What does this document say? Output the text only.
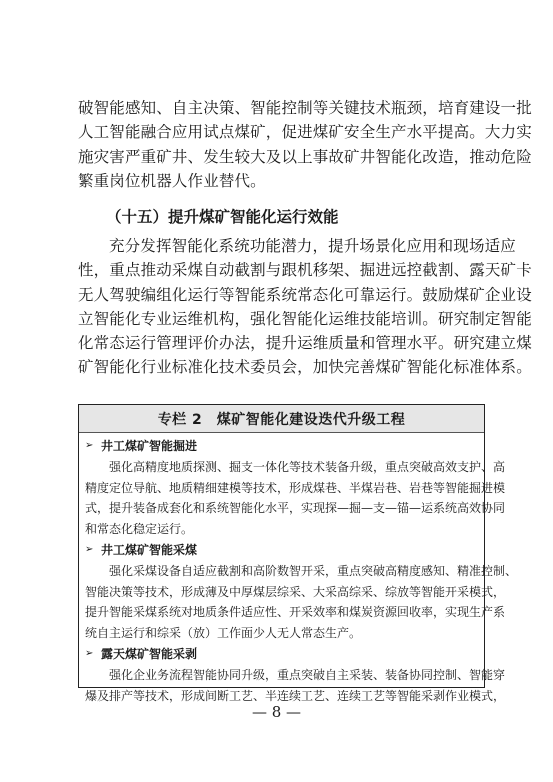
破智能感知、自主决策、智能控制等关键技术瓶颈，培育建设一批
人工智能融合应用试点煤矿，促进煤矿安全生产水平提高。大力实
施灾害严重矿井、发生较大及以上事故矿井智能化改造，推动危险
繁重岗位机器人作业替代。
（十五）提升煤矿智能化运行效能
充分发挥智能化系统功能潜力，提升场景化应用和现场适应
性，重点推动采煤自动截割与跟机移架、掘进远控截割、露天矿卡
无人驾驶编组化运行等智能系统常态化可靠运行。鼓励煤矿企业设
立智能化专业运维机构，强化智能化运维技能培训。研究制定智能
化常态运行管理评价办法，提升运维质量和管理水平。研究建立煤
矿智能化行业标准化技术委员会，加快完善煤矿智能化标准体系。
专栏 2　煤矿智能化建设迭代升级工程
➢ 井工煤矿智能掘进
强化高精度地质探测、掘支一体化等技术装备升级，重点突破高效支护、高
精度定位导航、地质精细建模等技术，形成煤巷、半煤岩巷、岩巷等智能掘进模
式，提升装备成套化和系统智能化水平，实现探—掘—支—锚—运系统高效协同
和常态化稳定运行。
➢ 井工煤矿智能采煤
强化采煤设备自适应截割和高阶数智开采，重点突破高精度感知、精准控制、
智能决策等技术，形成薄及中厚煤层综采、大采高综采、综放等智能开采模式，
提升智能采煤系统对地质条件适应性、开采效率和煤炭资源回收率，实现生产系
统自主运行和综采（放）工作面少人无人常态生产。
➢ 露天煤矿智能采剥
强化企业务流程智能协同升级，重点突破自主采装、装备协同控制、智能穿
爆及排产等技术，形成间断工艺、半连续工艺、连续工艺等智能采剥作业模式，
— 8 —
